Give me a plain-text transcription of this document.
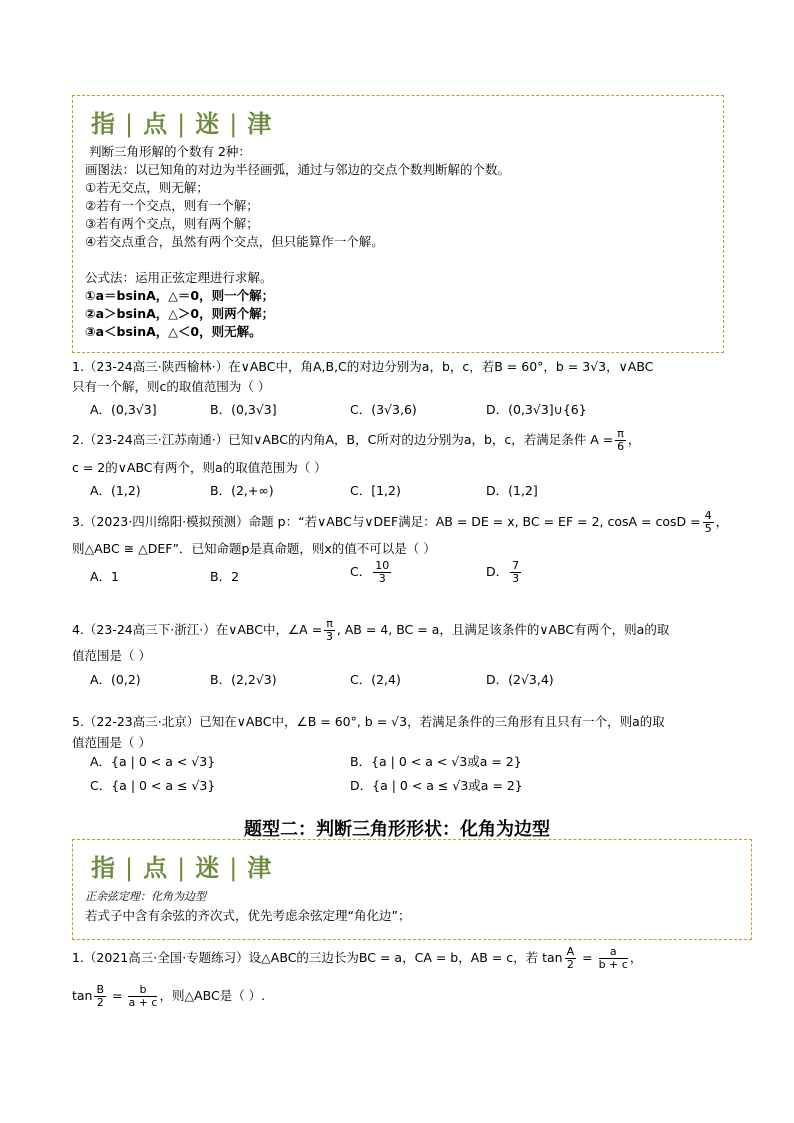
指 | 点 | 迷 | 津
判断三角形解的个数有 2种：
画图法：以已知角的对边为半径画弧，通过与邻边的交点个数判断解的个数。
①若无交点，则无解；
②若有一个交点，则有一个解；
③若有两个交点，则有两个解；
④若交点重合，虽然有两个交点，但只能算作一个解。
公式法：运用正弦定理进行求解。
①a＝bsinA，△＝0，则一个解；
②a＞bsinA，△＞0，则两个解；
③a＜bsinA，△＜0，则无解。
1.（23-24高三·陕西榆林·）在∨ABC中，角A,B,C的对边分别为a，b，c，若B = 60°，b = 3√3，∨ABC
只有一个解，则c的取值范围为（ ）
A．(0,3√3]	B．(0,3√3]	C．(3√3,6)	D．(0,3√3]∪{6}
2.（23-24高三·江苏南通·）已知∨ABC的内角A，B，C所对的边分别为a，b，c，若满足条件 $A = \frac{\pi}{6}$ ，
c = 2的∨ABC有两个，则a的取值范围为（ ）
A．(1,2)	B．(2,+∞)	C．[1,2)	D．(1,2]
3.（2023·四川绵阳·模拟预测）命题 p：“若∨ABC与∨DEF满足：AB = DE = x, BC = EF = 2, $\cos A = \cos D = \frac{4}{5}$ ，
则△ABC ≅ △DEF”．已知命题p是真命题，则x的值不可以是（ ）
A．1	B．2	C． $\frac{10}{3}$	D． $\frac{7}{3}$
4.（23-24高三下·浙江·）在∨ABC中，∠A = $\frac{\pi}{3}$ , AB = 4, BC = a，且满足该条件的∨ABC有两个，则a的取
值范围是（ ）
A．(0,2)	B．(2,2√3)	C．(2,4)	D．(2√3,4)
5.（22-23高三·北京）已知在∨ABC中，∠B = 60°, b = √3，若满足条件的三角形有且只有一个，则a的取
值范围是（ ）
A．{a | 0 < a < √3}	B．{a | 0 < a < √3或a = 2}
C．{a | 0 < a ≤ √3}	D．{a | 0 < a ≤ √3或a = 2}
题型二：判断三角形形状：化角为边型
指 | 点 | 迷 | 津
正余弦定理：化角为边型
若式子中含有余弦的齐次式，优先考虑余弦定理“角化边”；
1.（2021高三·全国·专题练习）设△ABC的三边长为BC = a，CA = b，AB = c，若 $\tan \frac{A}{2} = \frac{a}{b + c}$ ，
$\tan \frac{B}{2} = \frac{b}{a + c}$ ，则△ABC是（ ）.
